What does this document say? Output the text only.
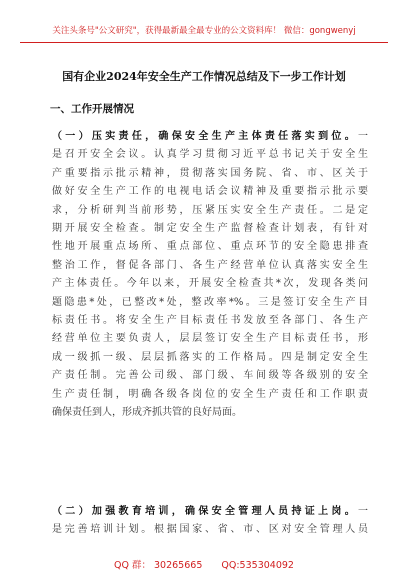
关注头条号"公文研究"，获得最新最全最专业的公文资料库！ 微信：gongwenyj
国有企业2024年安全生产工作情况总结及下一步工作计划
一、工作开展情况
（一）压实责任，确保安全生产主体责任落实到位。一
是召开安全会议。认真学习贯彻习近平总书记关于安全生
产重要指示批示精神，贯彻落实国务院、省、市、区关于
做好安全生产工作的电视电话会议精神及重要指示批示要
求，分析研判当前形势，压紧压实安全生产责任。二是定
期开展安全检查。制定安全生产监督检查计划表，有针对
性地开展重点场所、重点部位、重点环节的安全隐患排查
整治工作，督促各部门、各生产经营单位认真落实安全生
产主体责任。今年以来，开展安全检查共*次，发现各类问
题隐患*处，已整改*处，整改率*%。三是签订安全生产目
标责任书。将安全生产目标责任书发放至各部门、各生产
经营单位主要负责人，层层签订安全生产目标责任书，形
成一级抓一级、层层抓落实的工作格局。四是制定安全生
产责任制。完善公司级、部门级、车间级等各级别的安全
生产责任制，明确各级各岗位的安全生产责任和工作职责
确保责任到人，形成齐抓共管的良好局面。
（二）加强教育培训，确保安全管理人员持证上岗。一
是完善培训计划。根据国家、省、市、区对安全管理人员
QQ 群： 30265665 QQ:535304092
